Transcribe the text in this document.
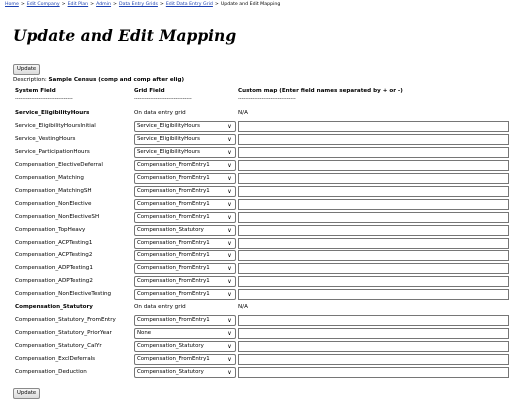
Home > Edit Company > Edit Plan > Admin > Data Entry Grids > Edit Data Entry Grid > Update and Edit Mapping
Update and Edit Mapping
Update
Description: Sample Census (comp and comp after elig)
System Field	Grid Field	Custom map (Enter field names separated by + or -)
--------------------------------	--------------------------------	--------------------------------
Service_EligibilityHours	On data entry grid	N/A
Service_EligibilityHoursInitial	Service_EligibilityHours	∨
Service_VestingHours	Service_EligibilityHours	∨
Service_ParticipationHours	Service_EligibilityHours	∨
Compensation_ElectiveDeferral	Compensation_FromEntry1	∨
Compensation_Matching	Compensation_FromEntry1	∨
Compensation_MatchingSH	Compensation_FromEntry1	∨
Compensation_NonElective	Compensation_FromEntry1	∨
Compensation_NonElectiveSH	Compensation_FromEntry1	∨
Compensation_TopHeavy	Compensation_Statutory	∨
Compensation_ACPTesting1	Compensation_FromEntry1	∨
Compensation_ACPTesting2	Compensation_FromEntry1	∨
Compensation_ADPTesting1	Compensation_FromEntry1	∨
Compensation_ADPTesting2	Compensation_FromEntry1	∨
Compensation_NonElectiveTesting	Compensation_FromEntry1	∨
Compensation_Statutory	On data entry grid	N/A
Compensation_Statutory_FromEntry	Compensation_FromEntry1	∨
Compensation_Statutory_PriorYear	None	∨
Compensation_Statutory_CalYr	Compensation_Statutory	∨
Compensation_ExclDeferrals	Compensation_FromEntry1	∨
Compensation_Deduction	Compensation_Statutory	∨
Update
